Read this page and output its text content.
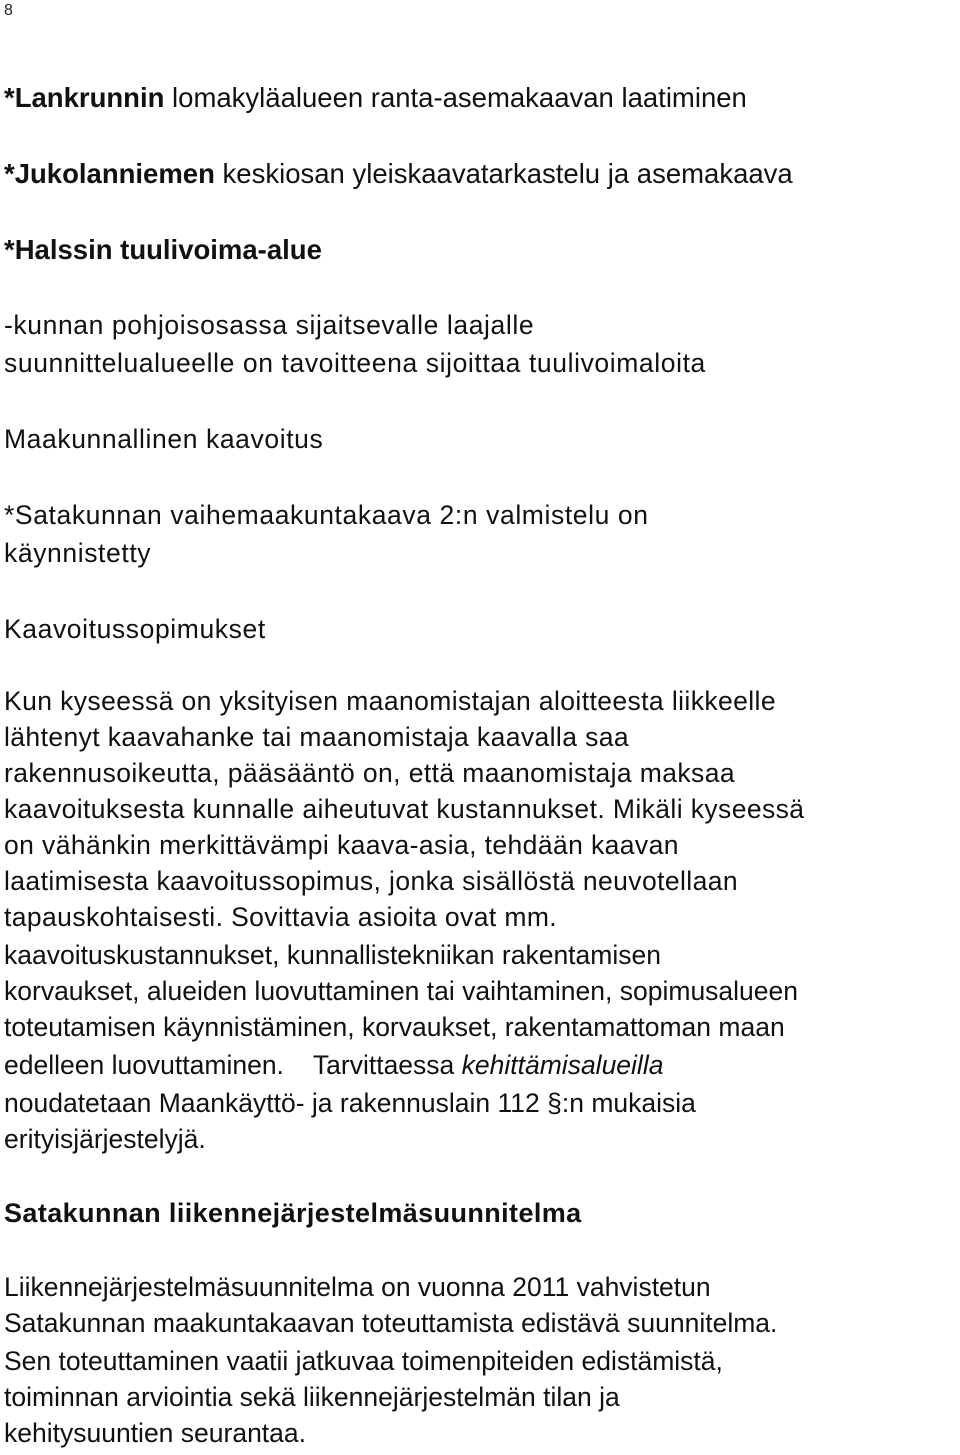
8
*Lankrunnin lomakyläalueen ranta-asemakaavan laatiminen
*Jukolanniemen keskiosan yleiskaavatarkastelu ja asemakaava
*Halssin tuulivoima-alue
-kunnan pohjoisosassa sijaitsevalle laajalle
suunnittelualueelle on tavoitteena sijoittaa tuulivoimaloita
Maakunnallinen kaavoitus
*Satakunnan vaihemaakuntakaava 2:n valmistelu on
käynnistetty
Kaavoitussopimukset
Kun kyseessä on yksityisen maanomistajan aloitteesta liikkeelle
lähtenyt kaavahanke tai maanomistaja kaavalla saa
rakennusoikeutta, pääsääntö on, että maanomistaja maksaa
kaavoituksesta kunnalle aiheutuvat kustannukset. Mikäli kyseessä
on vähänkin merkittävämpi kaava-asia, tehdään kaavan
laatimisesta kaavoitussopimus, jonka sisällöstä neuvotellaan
tapauskohtaisesti. Sovittavia asioita ovat mm.
kaavoituskustannukset, kunnallistekniikan rakentamisen
korvaukset, alueiden luovuttaminen tai vaihtaminen, sopimusalueen
toteutamisen käynnistäminen, korvaukset, rakentamattoman maan
edelleen luovuttaminen.    Tarvittaessa kehittämisalueilla
noudatetaan Maankäyttö- ja rakennuslain 112 §:n mukaisia
erityisjärjestelyjä.
Satakunnan liikennejärjestelmäsuunnitelma
Liikennejärjestelmäsuunnitelma on vuonna 2011 vahvistetun
Satakunnan maakuntakaavan toteuttamista edistävä suunnitelma.
Sen toteuttaminen vaatii jatkuvaa toimenpiteiden edistämistä,
toiminnan arviointia sekä liikennejärjestelmän tilan ja
kehitysuuntien seurantaa.
